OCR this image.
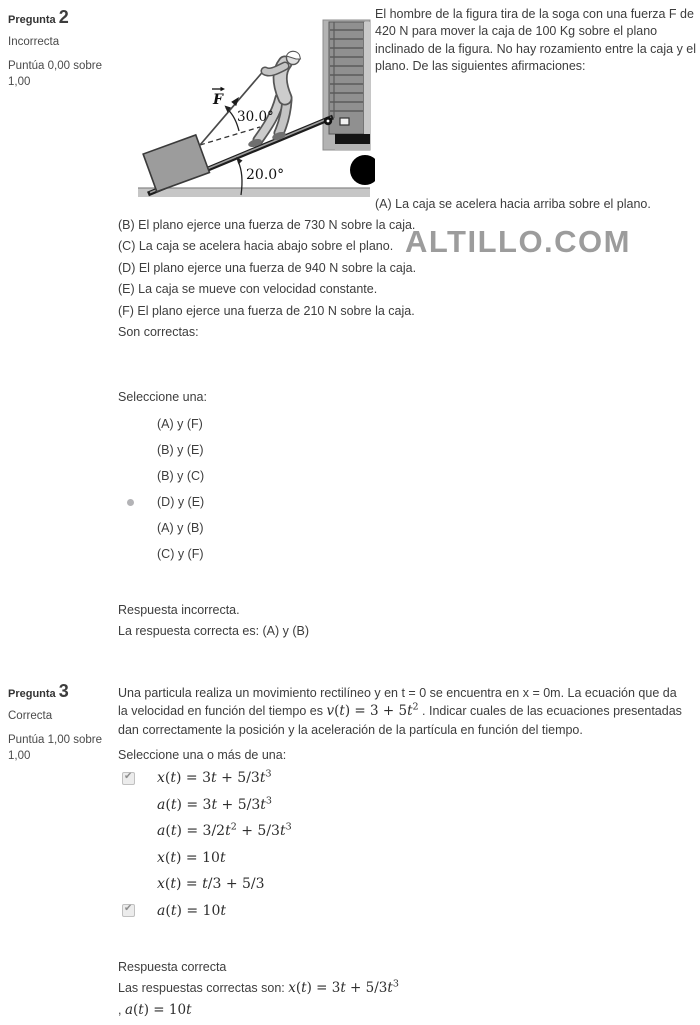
Pregunta 2
Incorrecta
Puntúa 0,00 sobre 1,00
F
30.0°
20.0°
El hombre de la figura tira de la soga con una fuerza F de 420 N para mover la caja de 100 Kg sobre el plano inclinado de la figura. No hay rozamiento entre la caja y el plano. De las siguientes afirmaciones:
(A) La caja se acelera hacia arriba sobre el plano.

(B) El plano ejerce una fuerza de 730 N sobre la caja.

(C) La caja se acelera hacia abajo sobre el plano.

(D) El plano ejerce una fuerza de 940 N sobre la caja.

(E) La caja se mueve con velocidad constante.

(F) El plano ejerce una fuerza de 210 N sobre la caja.

Son correctas:

ALTILLO.COM
Seleccione una:
(A) y (F)
(B) y (E)
(B) y (C)
(D) y (E)
(A) y (B)
(C) y (F)

Respuesta incorrecta.

La respuesta correcta es: (A) y (B)

Pregunta 3
Correcta
Puntúa 1,00 sobre 1,00
Una particula realiza un movimiento rectilíneo y en t = 0 se encuentra en x = 0m. La ecuación que da la velocidad en función del tiempo es $v(t) = 3 + 5t^2$ . Indicar cuales de las ecuaciones presentadas dan correctamente la posición y la aceleración de la partícula en función del tiempo.
Seleccione una o más de una:
✔
$x(t) = 3t + 5/3t^3$
$a(t) = 3t + 5/3t^3$
$a(t) = 3/2t^2 + 5/3t^3$
x(t) = 10t
x(t) = t/3 + 5/3
✔
a(t) = 10t

Respuesta correcta

Las respuestas correctas son: $x(t) = 3t + 5/3t^3$

, a(t) = 10t
